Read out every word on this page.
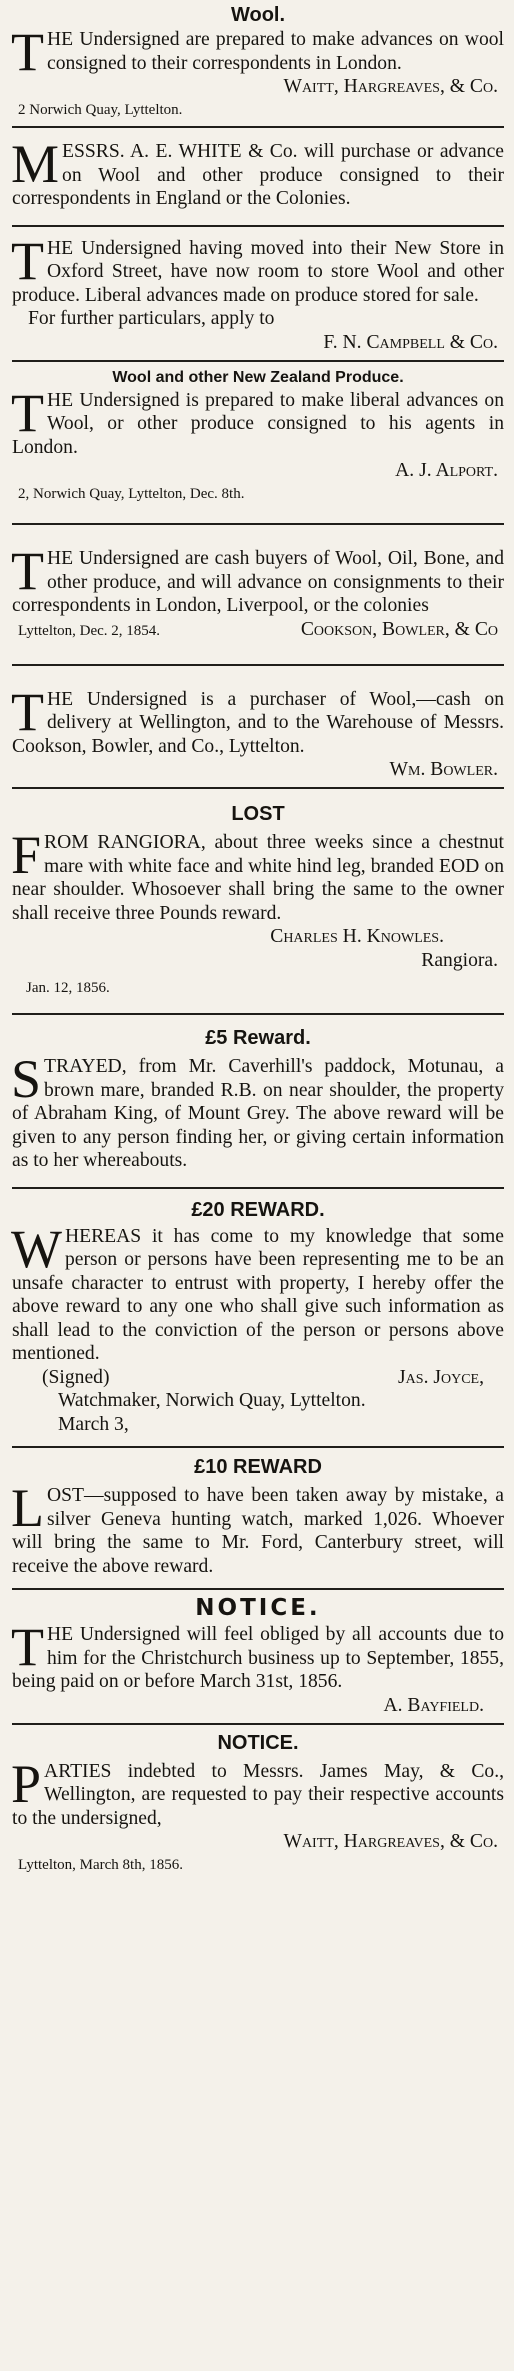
Wool.
T HE Undersigned are prepared to make advances on wool consigned to their correspondents in London.

Waitt, Hargreaves, & Co.
2 Norwich Quay, Lyttelton.
M ESSRS. A. E. WHITE & Co. will purchase or advance on Wool and other produce consigned to their correspondents in England or the Colonies.

T HE Undersigned having moved into their New Store in Oxford Street, have now room to store Wool and other produce. Liberal advances made on produce stored for sale.

For further particulars, apply to
F. N. Campbell & Co.
Wool and other New Zealand Produce.
T HE Undersigned is prepared to make liberal advances on Wool, or other produce consigned to his agents in London.

A. J. Alport.
2, Norwich Quay, Lyttelton, Dec. 8th.
T HE Undersigned are cash buyers of Wool, Oil, Bone, and other produce, and will advance on consignments to their correspondents in London, Liverpool, or the colonies

Lyttelton, Dec. 2, 1854.	Cookson, Bowler, & Co
T HE Undersigned is a purchaser of Wool,—cash on delivery at Wellington, and to the Warehouse of Messrs. Cookson, Bowler, and Co., Lyttelton.

Wm. Bowler.
LOST
F ROM RANGIORA, about three weeks since a chestnut mare with white face and white hind leg, branded EOD on near shoulder. Whosoever shall bring the same to the owner shall receive three Pounds reward.

Charles H. Knowles.
Rangiora.
Jan. 12, 1856.
£5 Reward.
S TRAYED, from Mr. Caverhill's paddock, Motunau, a brown mare, branded R.B. on near shoulder, the property of Abraham King, of Mount Grey. The above reward will be given to any person finding her, or giving certain information as to her whereabouts.

£20 REWARD.
W HEREAS it has come to my knowledge that some person or persons have been representing me to be an unsafe character to entrust with property, I hereby offer the above reward to any one who shall give such information as shall lead to the conviction of the person or persons above mentioned.

(Signed)	Jas. Joyce,
Watchmaker, Norwich Quay, Lyttelton.
March 3,
£10 REWARD
L OST—supposed to have been taken away by mistake, a silver Geneva hunting watch, marked 1,026. Whoever will bring the same to Mr. Ford, Canterbury street, will receive the above reward.

NOTICE.
T HE Undersigned will feel obliged by all accounts due to him for the Christchurch business up to September, 1855, being paid on or before March 31st, 1856.

A. Bayfield.
NOTICE.
P ARTIES indebted to Messrs. James May, & Co., Wellington, are requested to pay their respective accounts to the undersigned,

Waitt, Hargreaves, & Co.
Lyttelton, March 8th, 1856.
